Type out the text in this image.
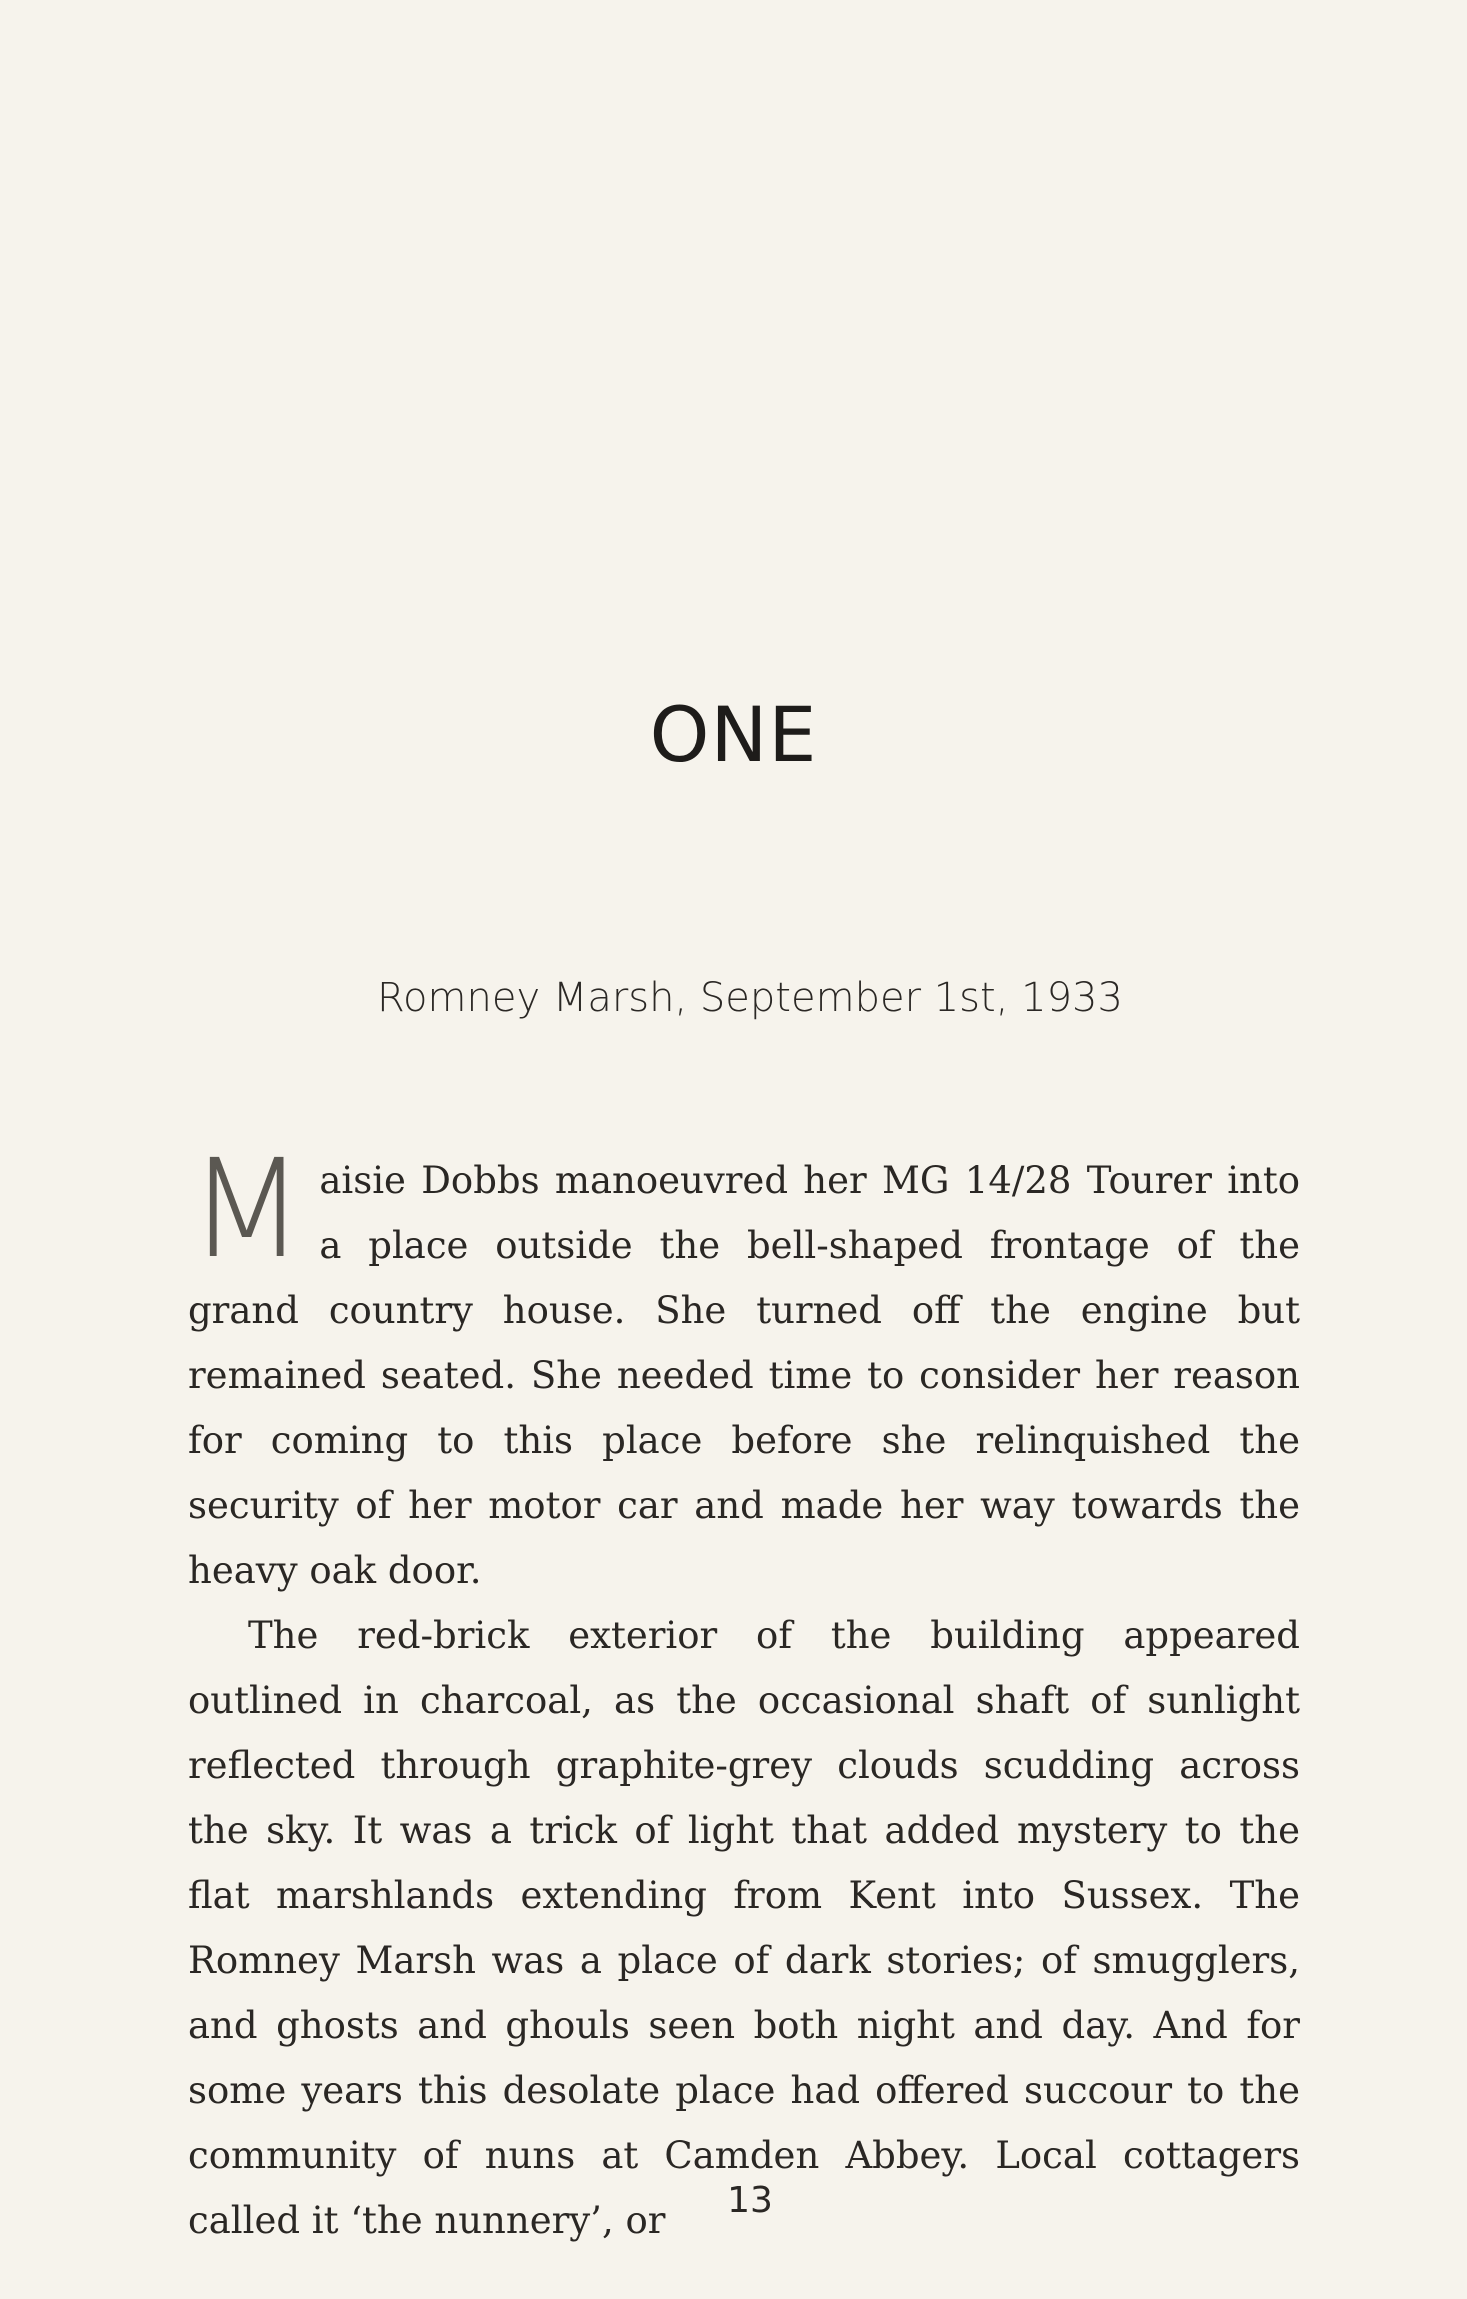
ONE
Romney Marsh, September 1st, 1933

Maisie Dobbs manoeuvred her MG 14/28 Tourer into a place outside the bell-shaped frontage of the grand country house. She turned off the engine but remained seated. She needed time to consider her reason for coming to this place before she relinquished the security of her motor car and made her way towards the heavy oak door.

The red-brick exterior of the building appeared outlined in charcoal, as the occasional shaft of sunlight reflected through graphite-grey clouds scudding across the sky. It was a trick of light that added mystery to the flat marshlands extending from Kent into Sussex. The Romney Marsh was a place of dark stories; of smugglers, and ghosts and ghouls seen both night and day. And for some years this desolate place had offered succour to the community of nuns at Camden Abbey. Local cottagers called it ‘the nunnery’, or	13
